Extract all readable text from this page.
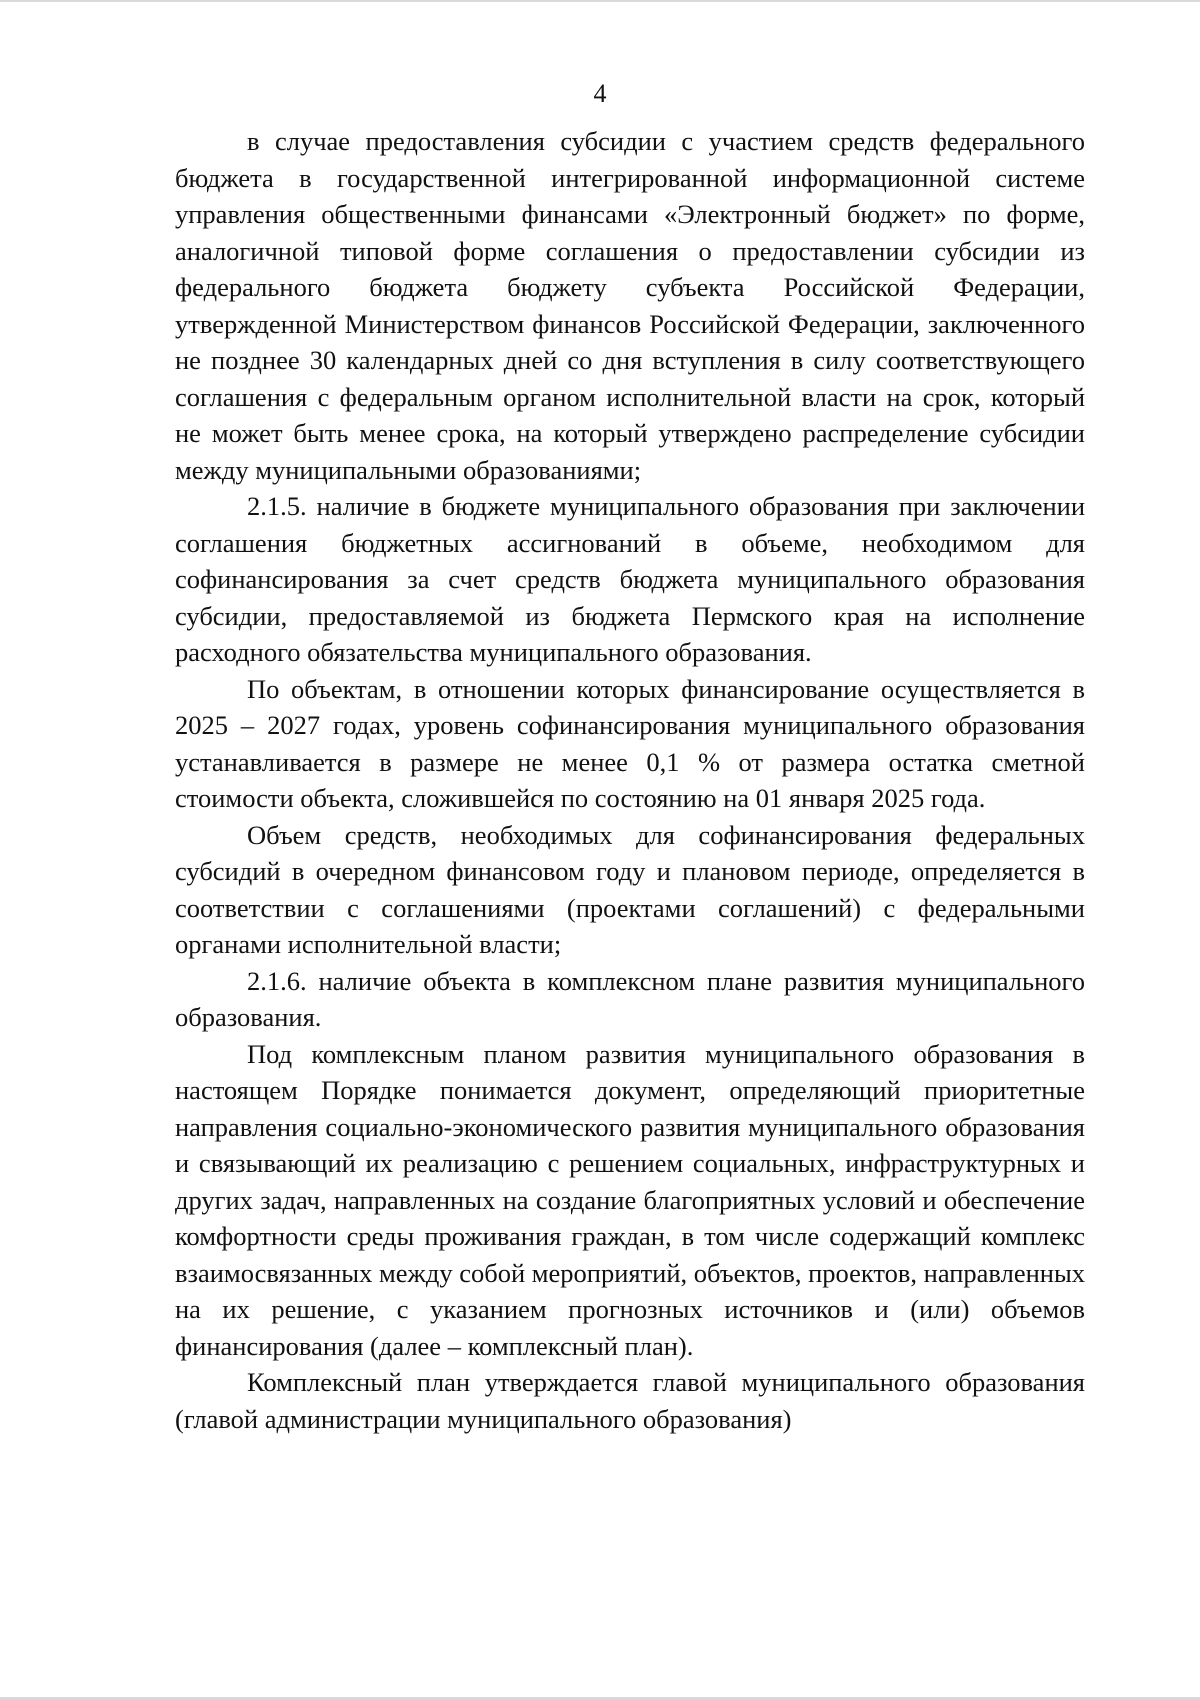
4

в случае предоставления субсидии с участием средств федерального бюджета в государственной интегрированной информационной системе управления общественными финансами «Электронный бюджет» по форме, аналогичной типовой форме соглашения о предоставлении субсидии из федерального бюджета бюджету субъекта Российской Федерации, утвержденной Министерством финансов Российской Федерации, заключенного не позднее 30 календарных дней со дня вступления в силу соответствующего соглашения с федеральным органом исполнительной власти на срок, который не может быть менее срока, на который утверждено распределение субсидии между муниципальными образованиями;

2.1.5. наличие в бюджете муниципального образования при заключении соглашения бюджетных ассигнований в объеме, необходимом для софинансирования за счет средств бюджета муниципального образования субсидии, предоставляемой из бюджета Пермского края на исполнение расходного обязательства муниципального образования.

По объектам, в отношении которых финансирование осуществляется в 2025 – 2027 годах, уровень софинансирования муниципального образования устанавливается в размере не менее 0,1 % от размера остатка сметной стоимости объекта, сложившейся по состоянию на 01 января 2025 года.

Объем средств, необходимых для софинансирования федеральных субсидий в очередном финансовом году и плановом периоде, определяется в соответствии с соглашениями (проектами соглашений) с федеральными органами исполнительной власти;

2.1.6. наличие объекта в комплексном плане развития муниципального образования.

Под комплексным планом развития муниципального образования в настоящем Порядке понимается документ, определяющий приоритетные направления социально-экономического развития муниципального образования и связывающий их реализацию с решением социальных, инфраструктурных и других задач, направленных на создание благоприятных условий и обеспечение комфортности среды проживания граждан, в том числе содержащий комплекс взаимосвязанных между собой мероприятий, объектов, проектов, направленных на их решение, с указанием прогнозных источников и (или) объемов финансирования (далее – комплексный план).

Комплексный план утверждается главой муниципального образования (главой администрации муниципального образования)
